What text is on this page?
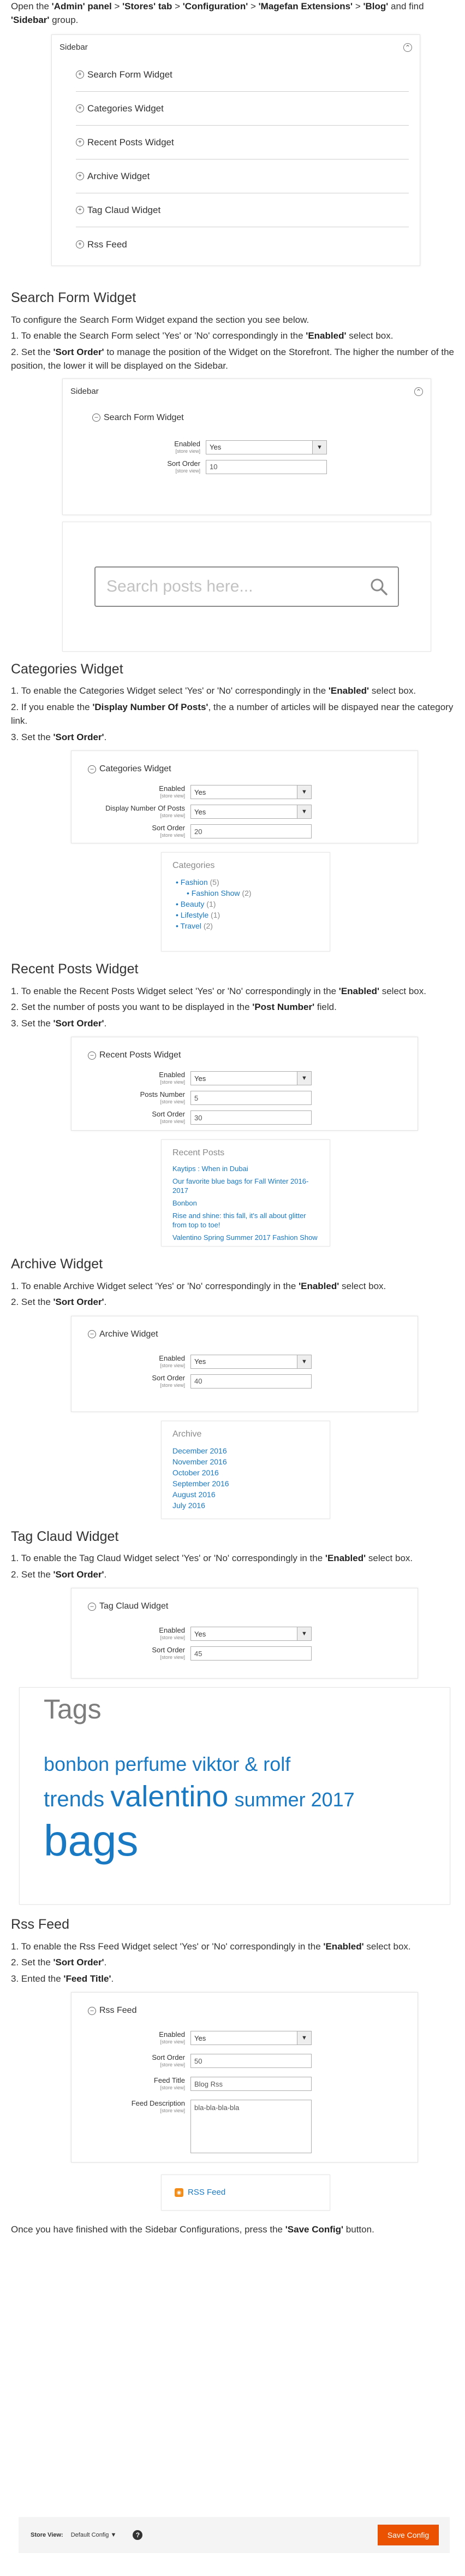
Open the 'Admin' panel > 'Stores' tab > 'Configuration' > 'Magefan Extensions' > 'Blog' and find 'Sidebar' group.
Sidebar	⌃
+ Search Form Widget
+ Categories Widget
+ Recent Posts Widget
+ Archive Widget
+ Tag Claud Widget
+ Rss Feed
Search Form Widget
To configure the Search Form Widget expand the section you see below.
1. To enable the Search Form select 'Yes' or 'No' correspondingly in the 'Enabled' select box.
2. Set the 'Sort Order' to manage the position of the Widget on the Storefront. The higher the number of the position, the lower it will be displayed on the Sidebar.
Sidebar	⌃
– Search Form Widget
Enabled
[store view] Yes	▼
Sort Order
[store view]	10
Search posts here...
Categories Widget
1. To enable the Categories Widget select 'Yes' or 'No' correspondingly in the 'Enabled' select box.
2. If you enable the 'Display Number Of Posts', the a number of articles will be dispayed near the category link.
3. Set the 'Sort Order'.
– Categories Widget
Enabled
[store view] Yes	▼
Display Number Of Posts
[store view] Yes	▼
Sort Order
[store view]	20
Categories
• Fashion (5)
• Fashion Show (2)
• Beauty (1)
• Lifestyle (1)
• Travel (2)
Recent Posts Widget
1. To enable the Recent Posts Widget select 'Yes' or 'No' correspondingly in the 'Enabled' select box.
2. Set the number of posts you want to be displayed in the 'Post Number' field.
3. Set the 'Sort Order'.
– Recent Posts Widget
Enabled
[store view] Yes	▼
Posts Number
[store view]	5
Sort Order
[store view]	30
Recent Posts
Kaytips : When in Dubai
Our favorite blue bags for Fall Winter 2016-2017
Bonbon
Rise and shine: this fall, it's all about glitter from top to toe!
Valentino Spring Summer 2017 Fashion Show
Archive Widget
1. To enable Archive Widget select 'Yes' or 'No' correspondingly in the 'Enabled' select box.
2. Set the 'Sort Order'.
– Archive Widget
Enabled
[store view] Yes	▼
Sort Order
[store view]	40
Archive
December 2016
November 2016
October 2016
September 2016
August 2016
July 2016
Tag Claud Widget
1. To enable the Tag Claud Widget select 'Yes' or 'No' correspondingly in the 'Enabled' select box.
2. Set the 'Sort Order'.
– Tag Claud Widget
Enabled
[store view] Yes	▼
Sort Order
[store view]	45
Tags
bonbon perfume viktor & rolf
trends valentino summer 2017
bags
Rss Feed
1. To enable the Rss Feed Widget select 'Yes' or 'No' correspondingly in the 'Enabled' select box.
2. Set the 'Sort Order'.
3. Ented the 'Feed Title'.
– Rss Feed
Enabled
[store view] Yes	▼
Sort Order
[store view]	50
Feed Title
[store view]	Blog Rss
Feed Description
[store view]	bla-bla-bla-bla
◉ RSS Feed
Once you have finished with the Sidebar Configurations, press the 'Save Config' button.
Store View: Default Config ▼	?	Save Config
